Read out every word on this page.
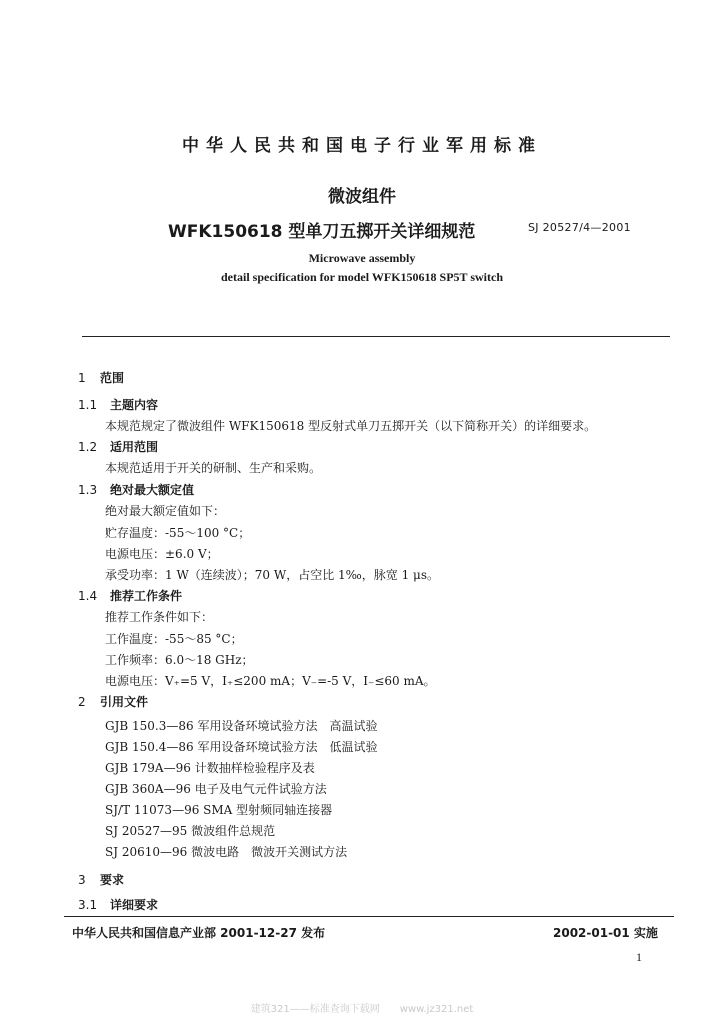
中华人民共和国电子行业军用标准
微波组件
WFK150618 型单刀五掷开关详细规范	SJ 20527/4—2001
Microwave assembly
detail specification for model WFK150618 SP5T switch
1 范围
1.1 主题内容
本规范规定了微波组件 WFK150618 型反射式单刀五掷开关（以下简称开关）的详细要求。
1.2 适用范围
本规范适用于开关的研制、生产和采购。
1.3 绝对最大额定值
绝对最大额定值如下：
贮存温度：-55～100 °C；
电源电压：±6.0 V；
承受功率：1 W（连续波）；70 W，占空比 1‰，脉宽 1 μs。
1.4 推荐工作条件
推荐工作条件如下：
工作温度：-55～85 °C；
工作频率：6.0～18 GHz；
电源电压：V₊=5 V，I₊≤200 mA；V₋=-5 V，I₋≤60 mA。
2 引用文件
GJB 150.3—86 军用设备环境试验方法　高温试验
GJB 150.4—86 军用设备环境试验方法　低温试验
GJB 179A—96 计数抽样检验程序及表
GJB 360A—96 电子及电气元件试验方法
SJ/T 11073—96 SMA 型射频同轴连接器
SJ 20527—95 微波组件总规范
SJ 20610—96 微波电路　微波开关测试方法
3 要求
3.1 详细要求
中华人民共和国信息产业部 2001-12-27 发布	2002-01-01 实施
1
建筑321——标准查询下载网　　www.jz321.net
